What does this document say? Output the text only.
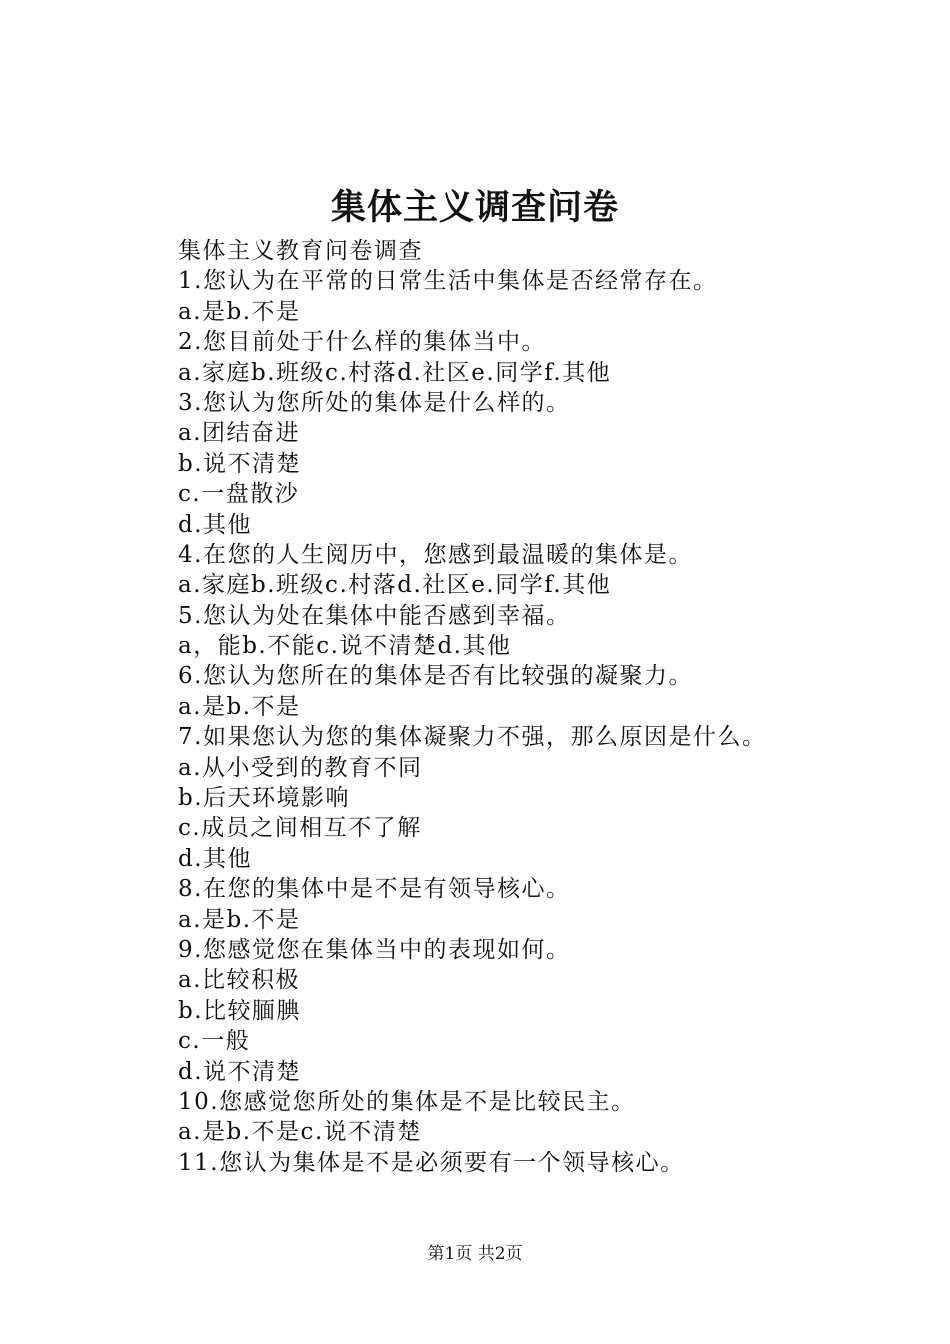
集体主义调查问卷
集体主义教育问卷调查
1.您认为在平常的日常生活中集体是否经常存在。
a.是b.不是
2.您目前处于什么样的集体当中。
a.家庭b.班级c.村落d.社区e.同学f.其他
3.您认为您所处的集体是什么样的。
a.团结奋进
b.说不清楚
c.一盘散沙
d.其他
4.在您的人生阅历中，您感到最温暖的集体是。
a.家庭b.班级c.村落d.社区e.同学f.其他
5.您认为处在集体中能否感到幸福。
a，能b.不能c.说不清楚d.其他
6.您认为您所在的集体是否有比较强的凝聚力。
a.是b.不是
7.如果您认为您的集体凝聚力不强，那么原因是什么。
a.从小受到的教育不同
b.后天环境影响
c.成员之间相互不了解
d.其他
8.在您的集体中是不是有领导核心。
a.是b.不是
9.您感觉您在集体当中的表现如何。
a.比较积极
b.比较腼腆
c.一般
d.说不清楚
10.您感觉您所处的集体是不是比较民主。
a.是b.不是c.说不清楚
11.您认为集体是不是必须要有一个领导核心。
第1页 共2页
